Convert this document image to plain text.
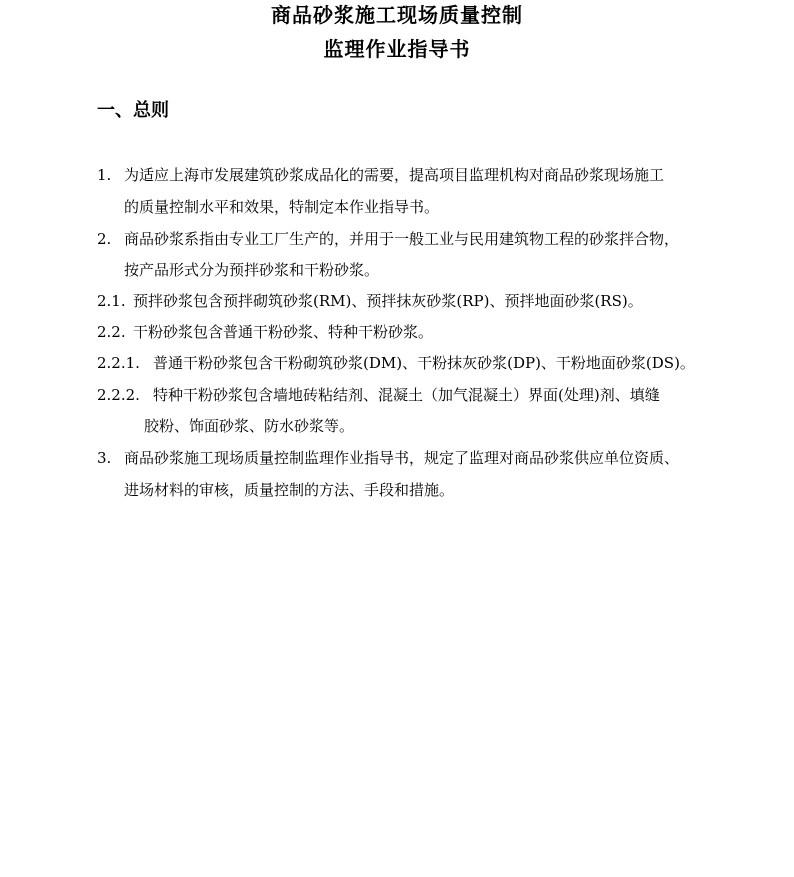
商品砂浆施工现场质量控制
监理作业指导书
一、总则
1. 为适应上海市发展建筑砂浆成品化的需要，提高项目监理机构对商品砂浆现场施工
的质量控制水平和效果，特制定本作业指导书。
2. 商品砂浆系指由专业工厂生产的，并用于一般工业与民用建筑物工程的砂浆拌合物，
按产品形式分为预拌砂浆和干粉砂浆。
2.1. 预拌砂浆包含预拌砌筑砂浆(RM)、预拌抹灰砂浆(RP)、预拌地面砂浆(RS)。
2.2. 干粉砂浆包含普通干粉砂浆、特种干粉砂浆。
2.2.1. 普通干粉砂浆包含干粉砌筑砂浆(DM)、干粉抹灰砂浆(DP)、干粉地面砂浆(DS)。
2.2.2. 特种干粉砂浆包含墙地砖粘结剂、混凝土（加气混凝土）界面(处理)剂、填缝
胶粉、饰面砂浆、防水砂浆等。
3. 商品砂浆施工现场质量控制监理作业指导书，规定了监理对商品砂浆供应单位资质、
进场材料的审核，质量控制的方法、手段和措施。
